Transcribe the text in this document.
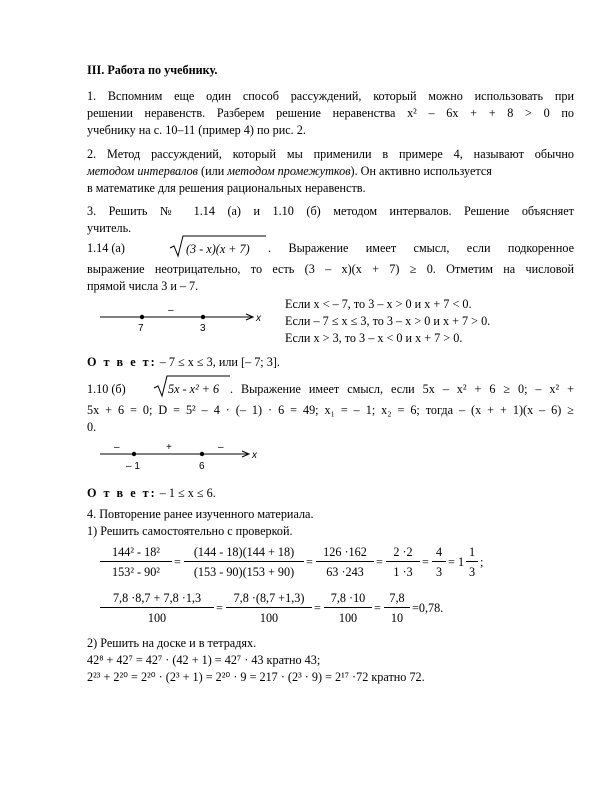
III. Работа по учебнику.
1. Вспомним еще один способ рассуждений, который можно использовать при
решении неравенств. Разберем решение неравенства x² – 6x + + 8 > 0 по
учебнику на с. 10–11 (пример 4) по рис. 2.
2. Метод рассуждений, который мы применили в примере 4, называют обычно
методом интервалов (или методом промежутков). Он активно используется
в математике для решения рациональных неравенств.
3. Решить № 1.14 (а) и 1.10 (б) методом интервалов. Решение объясняет
учитель.
1.14 (а)	(3 - x)(x + 7) . Выражение имеет смысл, если подкоренное
выражение неотрицательно, то есть (3 – x)(x + 7) ≥ 0. Отметим на числовой
прямой числа 3 и – 7.
Если x < – 7, то 3 – x > 0 и x + 7 < 0.
Если – 7 ≤ x ≤ 3, то 3 – x > 0 и x + 7 > 0.
Если x > 3, то 3 – x < 0 и x + 7 > 0.
–
7	3
x
О т в е т: – 7 ≤ x ≤ 3, или [– 7; 3].
1.10 (б)	5x - x² + 6 . Выражение имеет смысл, если 5x – x² + 6 ≥ 0; – x² +
5x + 6 = 0; D = 5² – 4 · (– 1) · 6 = 49; x₁ = – 1; x₂ = 6; тогда – (x + + 1)(x – 6) ≥
0.
–	+	–
– 1	6
x
О т в е т: – 1 ≤ x ≤ 6.
4. Повторение ранее изученного материала.
1) Решить самостоятельно с проверкой.
144² - 18²
153² - 90²
=
(144 - 18)(144 + 18)
(153 - 90)(153 + 90)
=
126 ·162
63 ·243
=
2 ·2
1 ·3
=
4
3
= 1
1
3
;
7,8 ·8,7 + 7,8 ·1,3
100
=
7,8 ·(8,7 +1,3)
100
=
7,8 ·10
100
=
7,8
10
=0,78.
2) Решить на доске и в тетрадях.
42⁸ + 42⁷ = 42⁷ · (42 + 1) = 42⁷ · 43 кратно 43;
2²³ + 2²⁰ = 2²⁰ · (2³ + 1) = 2²⁰ · 9 = 217 · (2³ · 9) = 2¹⁷ ·72 кратно 72.
